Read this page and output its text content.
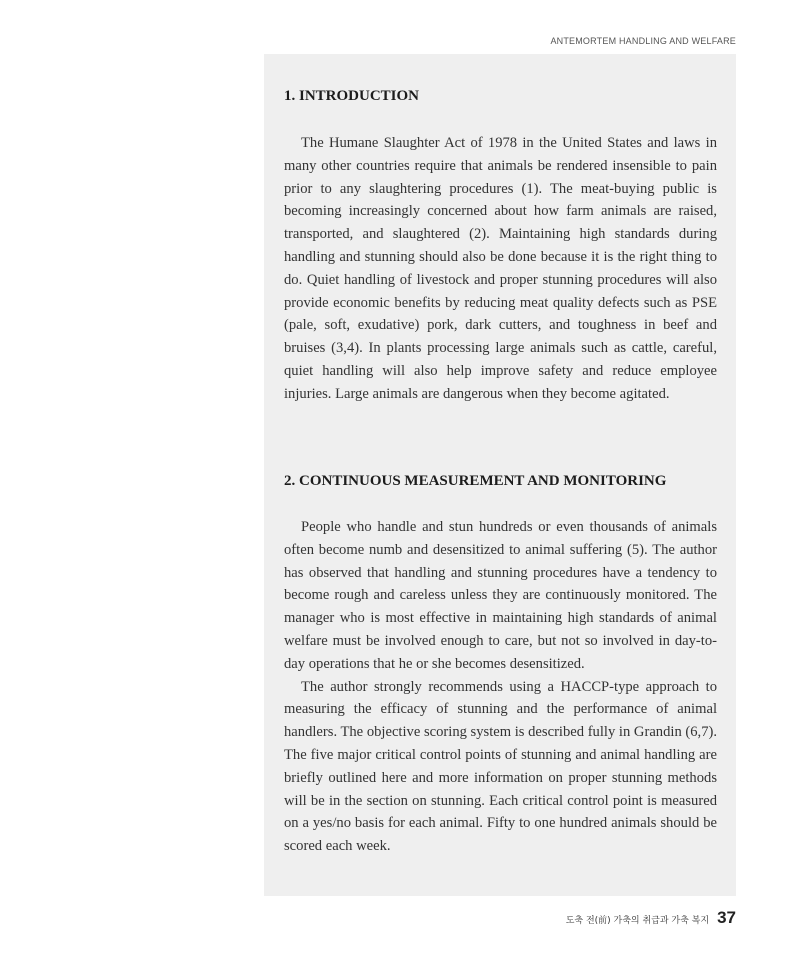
ANTEMORTEM HANDLING AND WELFARE
1. INTRODUCTION

The Humane Slaughter Act of 1978 in the United States and laws in many other countries require that animals be rendered insensible to pain prior to any slaughtering procedures (1). The meat-buying public is becoming increasingly concerned about how farm animals are raised, transported, and slaughtered (2). Maintaining high standards during handling and stunning should also be done because it is the right thing to do. Quiet handling of livestock and proper stunning procedures will also provide economic benefits by reducing meat quality defects such as PSE (pale, soft, exudative) pork, dark cutters, and toughness in beef and bruises (3,4). In plants processing large animals such as cattle, careful, quiet handling will also help improve safety and reduce employee injuries. Large animals are dangerous when they become agitated.

2. CONTINUOUS MEASUREMENT AND MONITORING

People who handle and stun hundreds or even thousands of animals often become numb and desensitized to animal suffering (5). The author has observed that handling and stunning procedures have a tendency to become rough and careless unless they are continuously monitored. The manager who is most effective in maintaining high standards of animal welfare must be involved enough to care, but not so involved in day-to-day operations that he or she becomes desensitized.

The author strongly recommends using a HACCP-type approach to measuring the efficacy of stunning and the performance of animal handlers. The objective scoring system is described fully in Grandin (6,7). The five major critical control points of stunning and animal handling are briefly outlined here and more information on proper stunning methods will be in the section on stunning. Each critical control point is measured on a yes/no basis for each animal. Fifty to one hundred animals should be scored each week.

도축 전(前) 가축의 취급과 가축 복지 37
